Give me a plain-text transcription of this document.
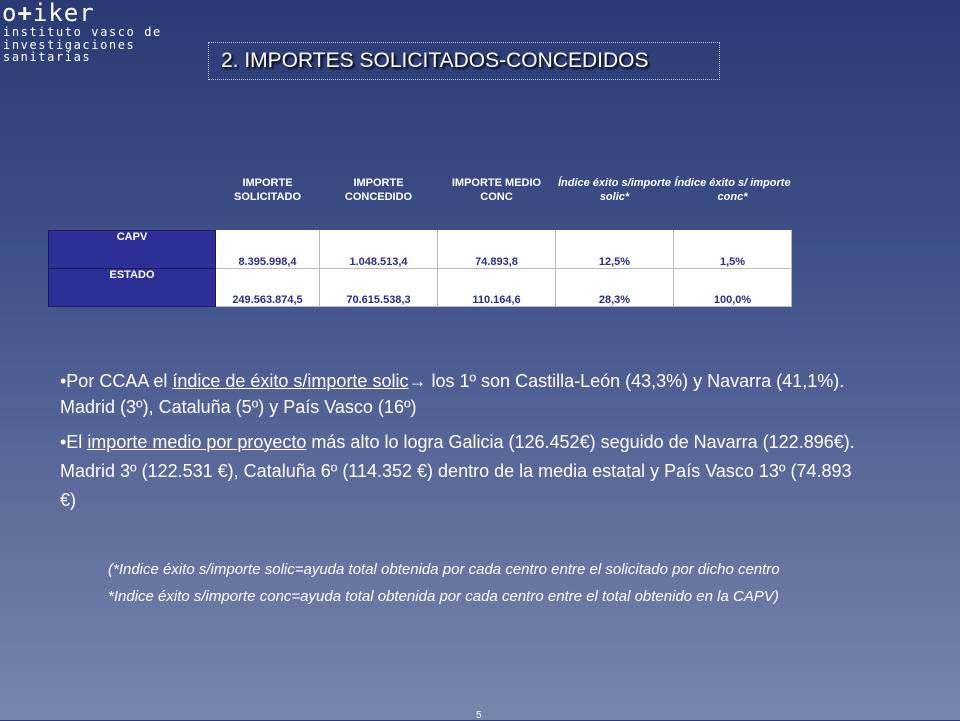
o+iker
instituto vasco de
investigaciones
sanitarias	2. IMPORTES SOLICITADOS-CONCEDIDOS
	IMPORTE SOLICITADO	IMPORTE CONCEDIDO	IMPORTE MEDIO CONC	Índice éxito s/importe solic*	Índice éxito s/ importe conc*
CAPV	8.395.998,4	1.048.513,4	74.893,8	12,5%	1,5%
ESTADO	249.563.874,5	70.615.538,3	110.164,6	28,3%	100,0%

•Por CCAA el índice de éxito s/importe solic→ los 1º son Castilla-León (43,3%) y Navarra (41,1%). Madrid (3º), Cataluña (5º) y País Vasco (16º)

•El importe medio por proyecto más alto lo logra Galicia (126.452€) seguido de Navarra (122.896€). Madrid 3º (122.531 €), Cataluña 6º (114.352 €) dentro de la media estatal y País Vasco 13º (74.893 €)

(*Indice éxito s/importe solic=ayuda total obtenida por cada centro entre el solicitado por dicho centro

*Indice éxito s/importe conc=ayuda total obtenida por cada centro entre el total obtenido en la CAPV)

5
